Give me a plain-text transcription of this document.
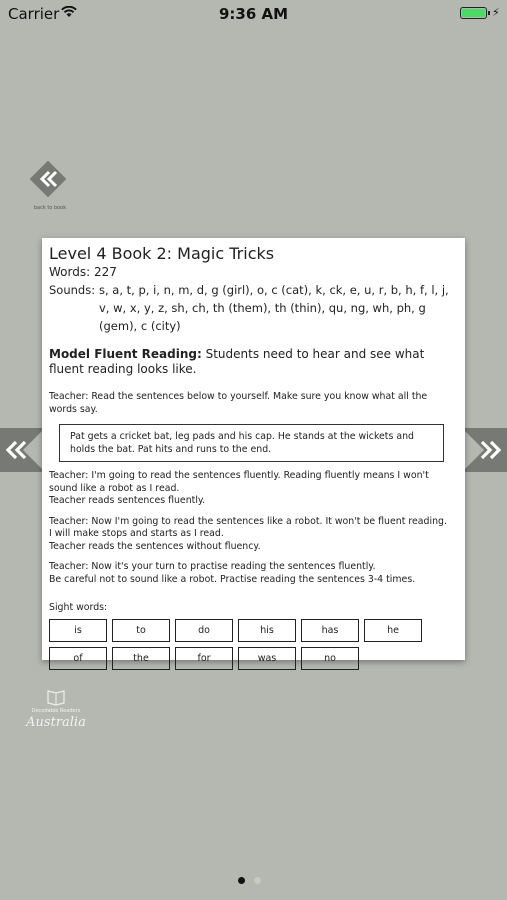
Carrier	9:36 AM	⚡
back to book
Level 4 Book 2: Magic Tricks
Words: 227
Sounds: s, a, t, p, i, n, m, d, g (girl), o, c (cat), k, ck, e, u, r, b, h, f, l, j, v, w, x, y, z, sh, ch, th (them), th (thin), qu, ng, wh, ph, g (gem), c (city)
Model Fluent Reading: Students need to hear and see what fluent reading looks like.
Teacher: Read the sentences below to yourself. Make sure you know what all the words say.
Pat gets a cricket bat, leg pads and his cap. He stands at the wickets and holds the bat. Pat hits and runs to the end.
Teacher: I'm going to read the sentences fluently. Reading fluently means I won't sound like a robot as I read.
Teacher reads sentences fluently.
Teacher: Now I'm going to read the sentences like a robot. It won't be fluent reading.
I will make stops and starts as I read.
Teacher reads the sentences without fluency.
Teacher: Now it's your turn to practise reading the sentences fluently.
Be careful not to sound like a robot. Practise reading the sentences 3-4 times.
Sight words:
is	to	do	his	has	he
of	the	for	was	no
Decodable Readers
Australia
